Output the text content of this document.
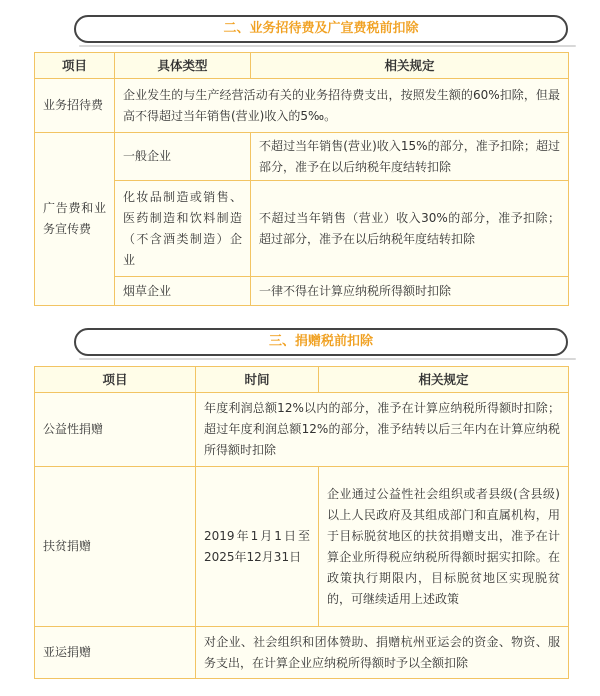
二、业务招待费及广宣费税前扣除
项目	具体类型	相关规定
业务招待费	企业发生的与生产经营活动有关的业务招待费支出，按照发生额的60%扣除，但最高不得超过当年销售(营业)收入的5‰。	
广告费和业务宣传费	一般企业	不超过当年销售(营业)收入15%的部分，准予扣除；超过部分，准予在以后纳税年度结转扣除
	化妆品制造或销售、医药制造和饮料制造（不含酒类制造）企业	不超过当年销售（营业）收入30%的部分，准予扣除；超过部分，准予在以后纳税年度结转扣除
	烟草企业	一律不得在计算应纳税所得额时扣除
三、捐赠税前扣除
项目	时间	相关规定
公益性捐赠	年度利润总额12%以内的部分，准予在计算应纳税所得额时扣除；超过年度利润总额12%的部分，准予结转以后三年内在计算应纳税所得额时扣除	
扶贫捐赠	2019年1月1日至2025年12月31日	企业通过公益性社会组织或者县级(含县级)以上人民政府及其组成部门和直属机构，用于目标脱贫地区的扶贫捐赠支出，准予在计算企业所得税应纳税所得额时据实扣除。在政策执行期限内，目标脱贫地区实现脱贫的，可继续适用上述政策
亚运捐赠	对企业、社会组织和团体赞助、捐赠杭州亚运会的资金、物资、服务支出，在计算企业应纳税所得额时予以全额扣除	
